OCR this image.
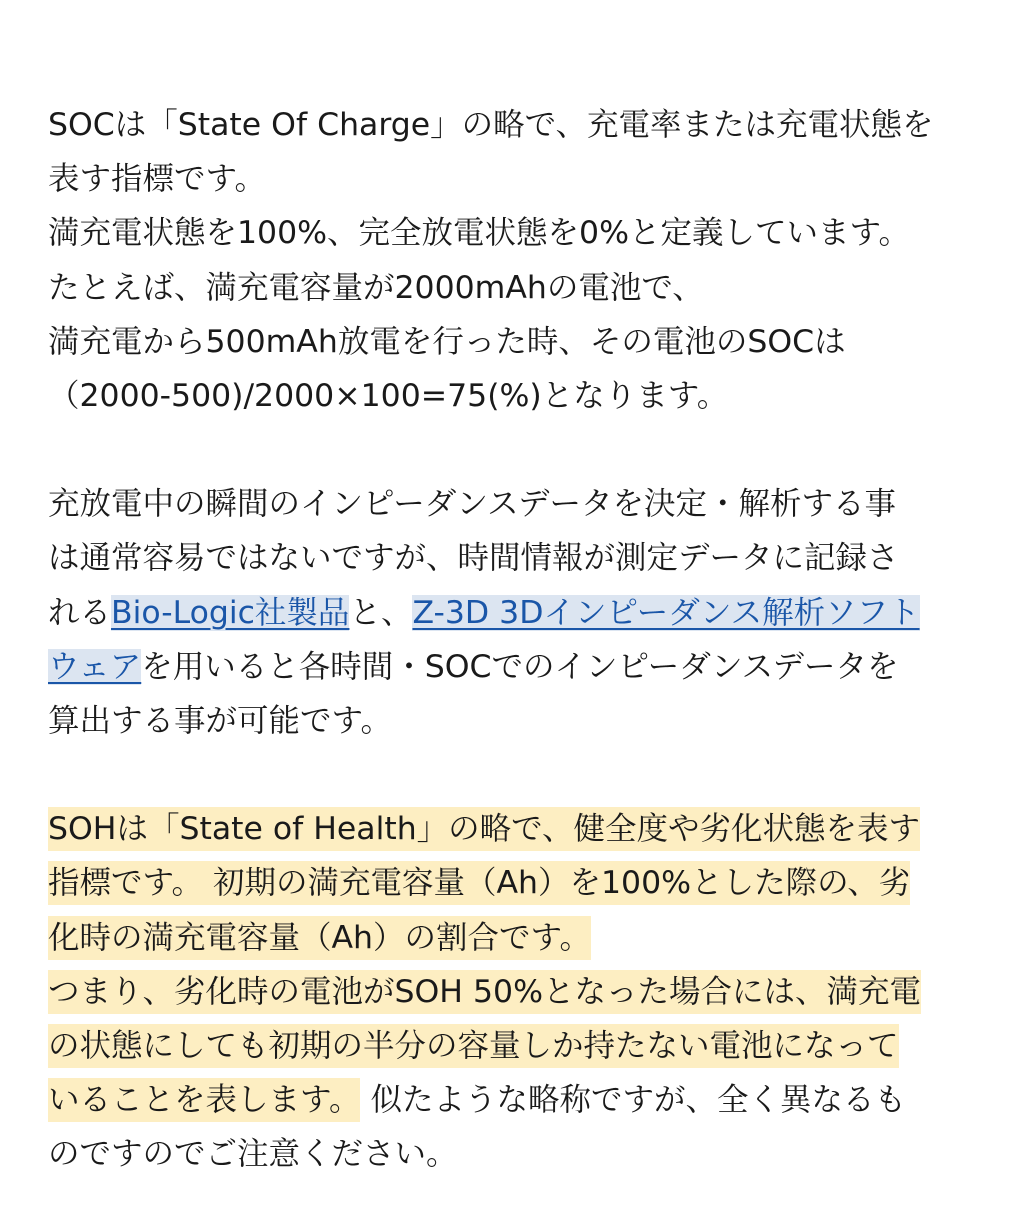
SOCは「State Of Charge」の略で、充電率または充電状態を
表す指標です。
満充電状態を100%、完全放電状態を0%と定義しています。
たとえば、満充電容量が2000mAhの電池で、
満充電から500mAh放電を行った時、その電池のSOCは
（2000-500)/2000×100=75(%)となります。

充放電中の瞬間のインピーダンスデータを決定・解析する事
は通常容易ではないですが、時間情報が測定データに記録さ
れるBio-Logic社製品と、Z-3D 3Dインピーダンス解析ソフト
ウェアを用いると各時間・SOCでのインピーダンスデータを
算出する事が可能です。

SOHは「State of Health」の略で、健全度や劣化状態を表す
指標です。 初期の満充電容量（Ah）を100%とした際の、劣
化時の満充電容量（Ah）の割合です。
つまり、劣化時の電池がSOH 50%となった場合には、満充電
の状態にしても初期の半分の容量しか持たない電池になって
いることを表します。 似たような略称ですが、全く異なるも
のですのでご注意ください。
